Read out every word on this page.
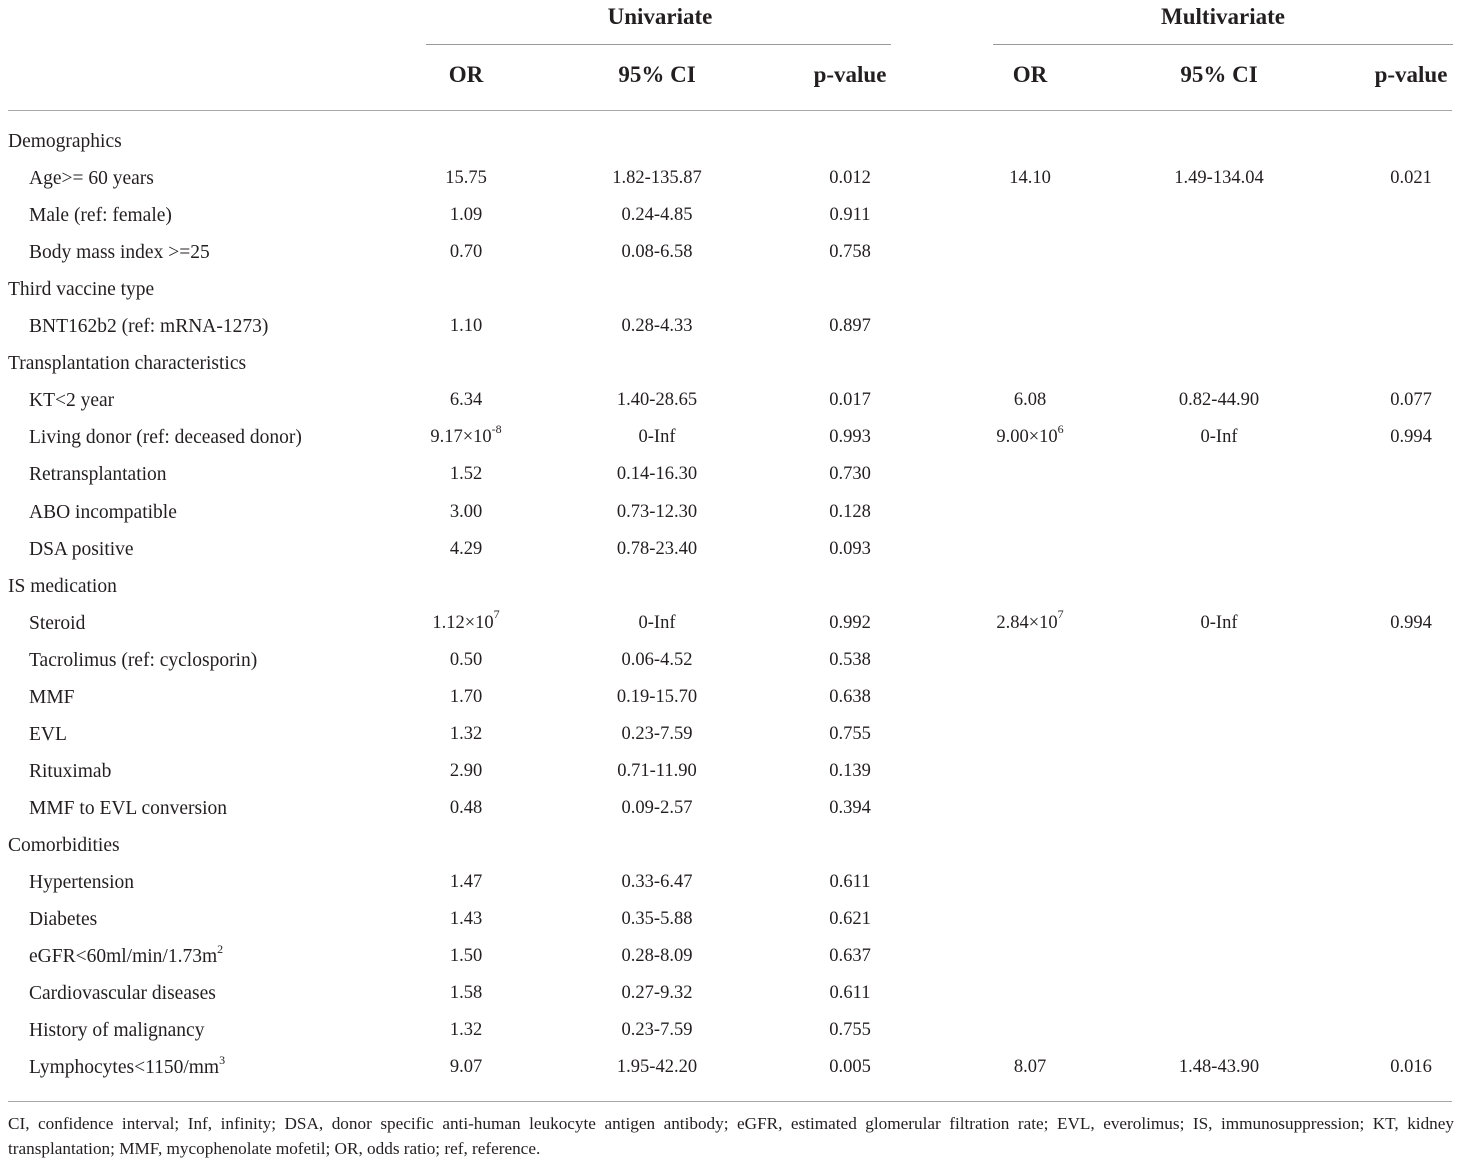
Univariate	Multivariate
OR	95% CI	p-value	OR	95% CI	p-value
Demographics
Age>= 60 years	15.75	1.82-135.87	0.012	14.10	1.49-134.04	0.021
Male (ref: female)	1.09	0.24-4.85	0.911
Body mass index >=25	0.70	0.08-6.58	0.758
Third vaccine type
BNT162b2 (ref: mRNA-1273)	1.10	0.28-4.33	0.897
Transplantation characteristics
KT<2 year	6.34	1.40-28.65	0.017	6.08	0.82-44.90	0.077
Living donor (ref: deceased donor)	$9.17\times 10^{-8}$	0-Inf	0.993	$9.00\times 10^6$	0-Inf	0.994
Retransplantation	1.52	0.14-16.30	0.730
ABO incompatible	3.00	0.73-12.30	0.128
DSA positive	4.29	0.78-23.40	0.093
IS medication
Steroid	$1.12\times 10^7$	0-Inf	0.992	$2.84\times 10^7$	0-Inf	0.994
Tacrolimus (ref: cyclosporin)	0.50	0.06-4.52	0.538
MMF	1.70	0.19-15.70	0.638
EVL	1.32	0.23-7.59	0.755
Rituximab	2.90	0.71-11.90	0.139
MMF to EVL conversion	0.48	0.09-2.57	0.394
Comorbidities
Hypertension	1.47	0.33-6.47	0.611
Diabetes	1.43	0.35-5.88	0.621
$eGFR<60ml/\min/1.73m^2$	1.50	0.28-8.09	0.637
Cardiovascular diseases	1.58	0.27-9.32	0.611
History of malignancy	1.32	0.23-7.59	0.755
$Lymphocytes<1150/mm^3$	9.07	1.95-42.20	0.005	8.07	1.48-43.90	0.016
CI, confidence interval; Inf, infinity; DSA, donor specific anti-human leukocyte antigen antibody; eGFR, estimated glomerular filtration rate; EVL, everolimus; IS, immunosuppression; KT, kidney transplantation; MMF, mycophenolate mofetil; OR, odds ratio; ref, reference.
